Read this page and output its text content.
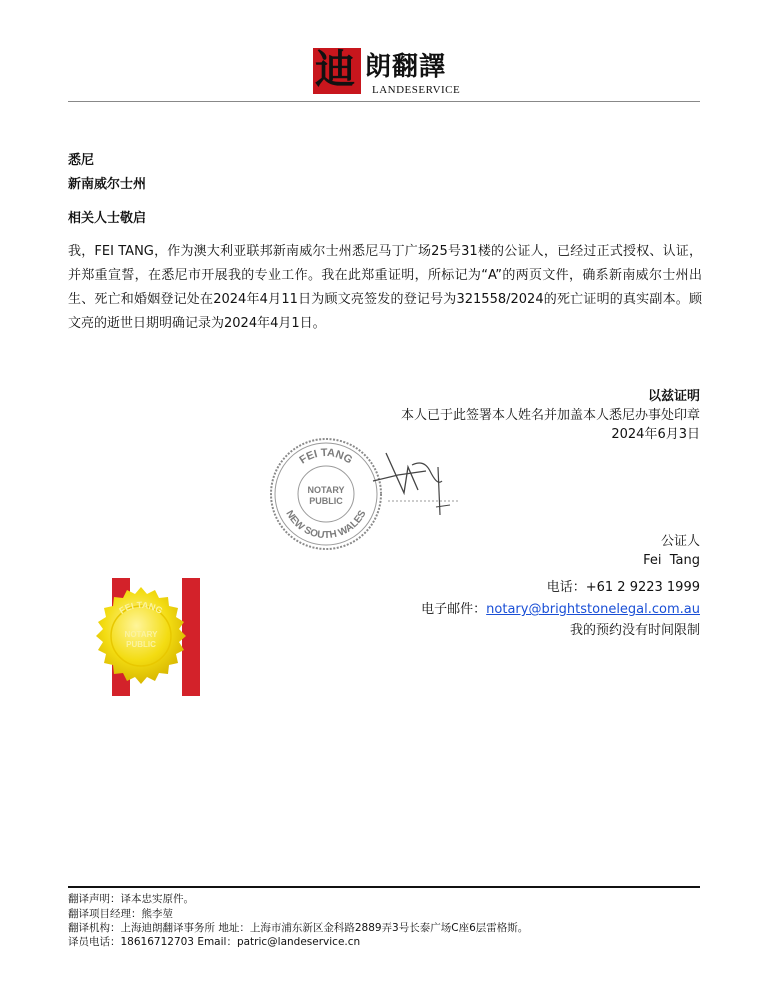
迪 朗翻譯
LANDESERVICE
悉尼
新南威尔士州
相关人士敬启
我，FEI TANG，作为澳大利亚联邦新南威尔士州悉尼马丁广场25号31楼的公证人，已经过正式授权、认证，并郑重宣誓，在悉尼市开展我的专业工作。我在此郑重证明，所标记为“A”的两页文件，确系新南威尔士州出生、死亡和婚姻登记处在2024年4月11日为顾文亮签发的登记号为321558/2024的死亡证明的真实副本。顾文亮的逝世日期明确记录为2024年4月1日。
以兹证明
本人已于此签署本人姓名并加盖本人悉尼办事处印章
2024年6月3日
FEI TANG
NEW SOUTH WALES
NOTARY
PUBLIC
公证人
Fei  Tang
电话：+61 2 9223 1999
电子邮件：notary@brightstonelegal.com.au
我的预约没有时间限制
FEI TANG
NOTARY
PUBLIC
翻译声明：译本忠实原件。
翻译项目经理：熊李堃
翻译机构：上海迪朗翻译事务所 地址：上海市浦东新区金科路2889弄3号长泰广场C座6层雷格斯。
译员电话：18616712703 Email：patric@landeservice.cn
